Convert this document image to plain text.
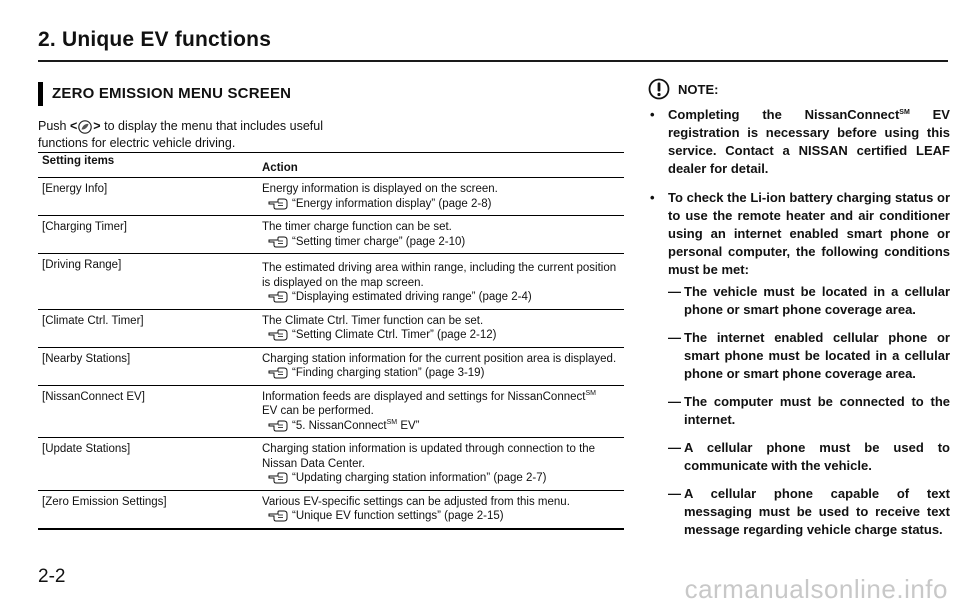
2. Unique EV functions
ZERO EMISSION MENU SCREEN
Push < > to display the menu that includes useful functions for electric vehicle driving.
Setting items
Action
[Energy Info]	Energy information is displayed on the screen.
“Energy information display” (page 2-8)
[Charging Timer]	The timer charge function can be set.
“Setting timer charge” (page 2-10)
[Driving Range]	The estimated driving area within range, including the current position is displayed on the map screen.
“Displaying estimated driving range” (page 2-4)
[Climate Ctrl. Timer]	The Climate Ctrl. Timer function can be set.
“Setting Climate Ctrl. Timer” (page 2-12)
[Nearby Stations]	Charging station information for the current position area is displayed.
“Finding charging station” (page 3-19)
[NissanConnect EV]	Information feeds are displayed and settings for NissanConnect℠
EV can be performed.
“5. NissanConnect℠ EV”
[Update Stations]	Charging station information is updated through connection to the Nissan Data Center.
“Updating charging station information” (page 2-7)
[Zero Emission Settings]	Various EV-specific settings can be adjusted from this menu.
“Unique EV function settings” (page 2-15)
NOTE:
•	Completing the NissanConnect℠ EV registration is necessary before using this service. Contact a NISSAN certified LEAF dealer for detail.
•	To check the Li-ion battery charging status or to use the remote heater and air conditioner using an internet enabled smart phone or personal computer, the following conditions must be met:
— The vehicle must be located in a cellular phone or smart phone coverage area.
— The internet enabled cellular phone or smart phone must be located in a cellular phone or smart phone coverage area.
— The computer must be connected to the internet.
— A cellular phone must be used to communicate with the vehicle.
— A cellular phone capable of text messaging must be used to receive text message regarding vehicle charge status.
2-2	carmanualsonline.info
